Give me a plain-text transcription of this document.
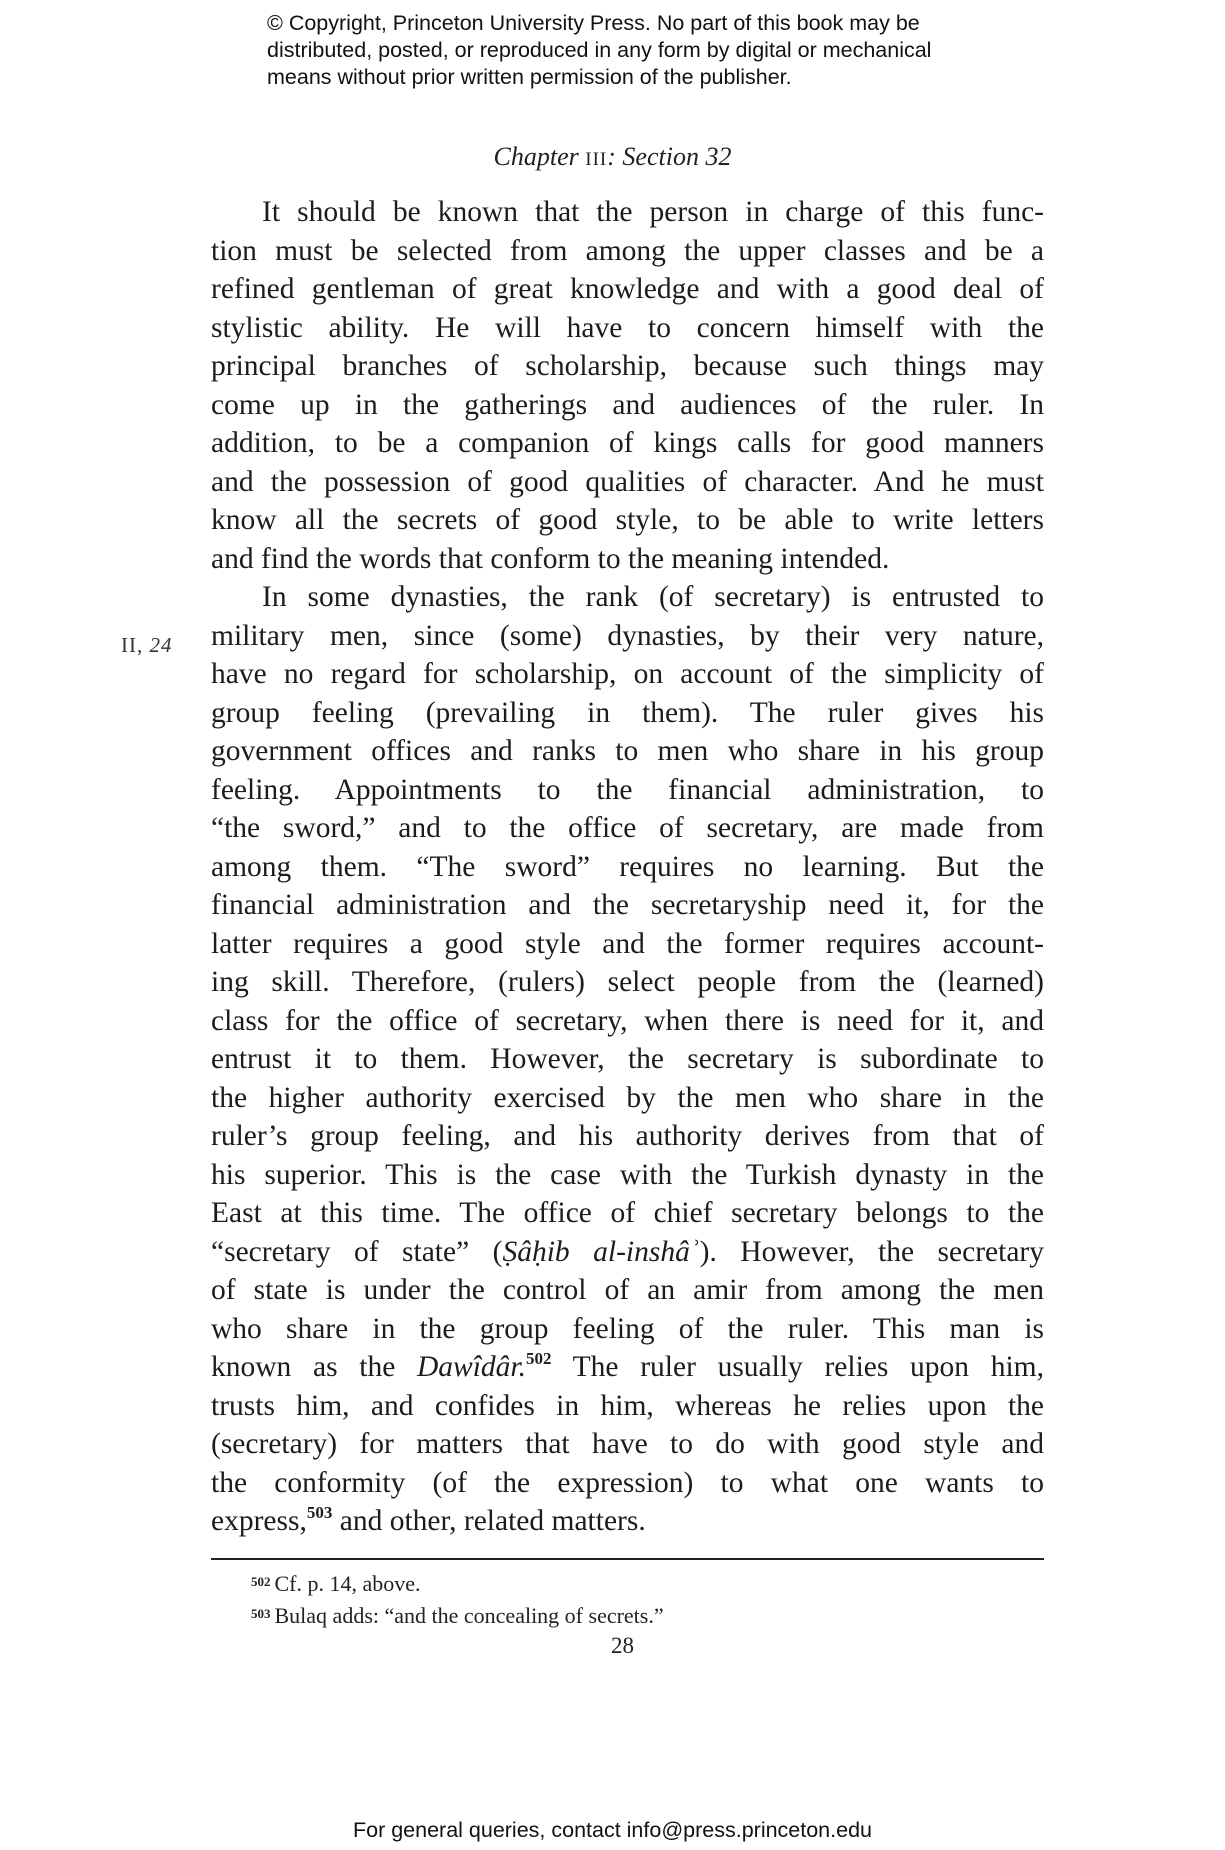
© Copyright, Princeton University Press. No part of this book may be
distributed, posted, or reproduced in any form by digital or mechanical
means without prior written permission of the publisher.
Chapter III: Section 32
II, 24
It should be known that the person in charge of this func-
tion must be selected from among the upper classes and be a
refined gentleman of great knowledge and with a good deal of
stylistic ability. He will have to concern himself with the
principal branches of scholarship, because such things may
come up in the gatherings and audiences of the ruler. In
addition, to be a companion of kings calls for good manners
and the possession of good qualities of character. And he must
know all the secrets of good style, to be able to write letters
and find the words that conform to the meaning intended.
In some dynasties, the rank (of secretary) is entrusted to
military men, since (some) dynasties, by their very nature,
have no regard for scholarship, on account of the simplicity of
group feeling (prevailing in them). The ruler gives his
government offices and ranks to men who share in his group
feeling. Appointments to the financial administration, to
“the sword,” and to the office of secretary, are made from
among them. “The sword” requires no learning. But the
financial administration and the secretaryship need it, for the
latter requires a good style and the former requires account-
ing skill. Therefore, (rulers) select people from the (learned)
class for the office of secretary, when there is need for it, and
entrust it to them. However, the secretary is subordinate to
the higher authority exercised by the men who share in the
ruler’s group feeling, and his authority derives from that of
his superior. This is the case with the Turkish dynasty in the
East at this time. The office of chief secretary belongs to the
“secretary of state” (Ṣâḥib al-inshâʾ). However, the secretary
of state is under the control of an amir from among the men
who share in the group feeling of the ruler. This man is
known as the Dawîdâr.$^{502}$ The ruler usually relies upon him,
trusts him, and confides in him, whereas he relies upon the
(secretary) for matters that have to do with good style and
the conformity (of the expression) to what one wants to
express,$^{503}$ and other, related matters.
$^{502}$ Cf. p. 14, above.
$^{503}$ Bulaq adds: “and the concealing of secrets.”
28
For general queries, contact info@press.princeton.edu
